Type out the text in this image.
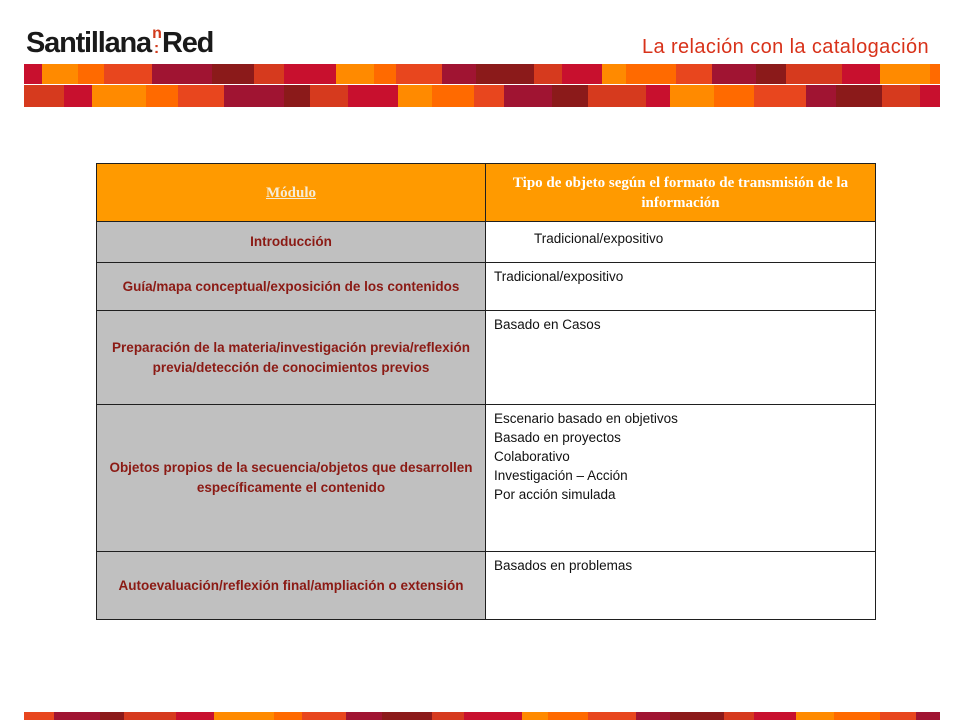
Santillana n
: Red	La relación con la catalogación
Módulo	Tipo de objeto según el formato de transmisión de la información
Introducción	Tradicional/expositivo

Guía/mapa conceptual/exposición de los contenidos	Tradicional/expositivo

Preparación de la materia/investigación previa/reflexión previa/detección de conocimientos previos	Basado en Casos

Objetos propios de la secuencia/objetos que desarrollen específicamente el contenido	Escenario basado en objetivos
Basado en proyectos
Colaborativo
Investigación – Acción
Por acción simulada

Autoevaluación/reflexión final/ampliación o extensión	Basados en problemas
